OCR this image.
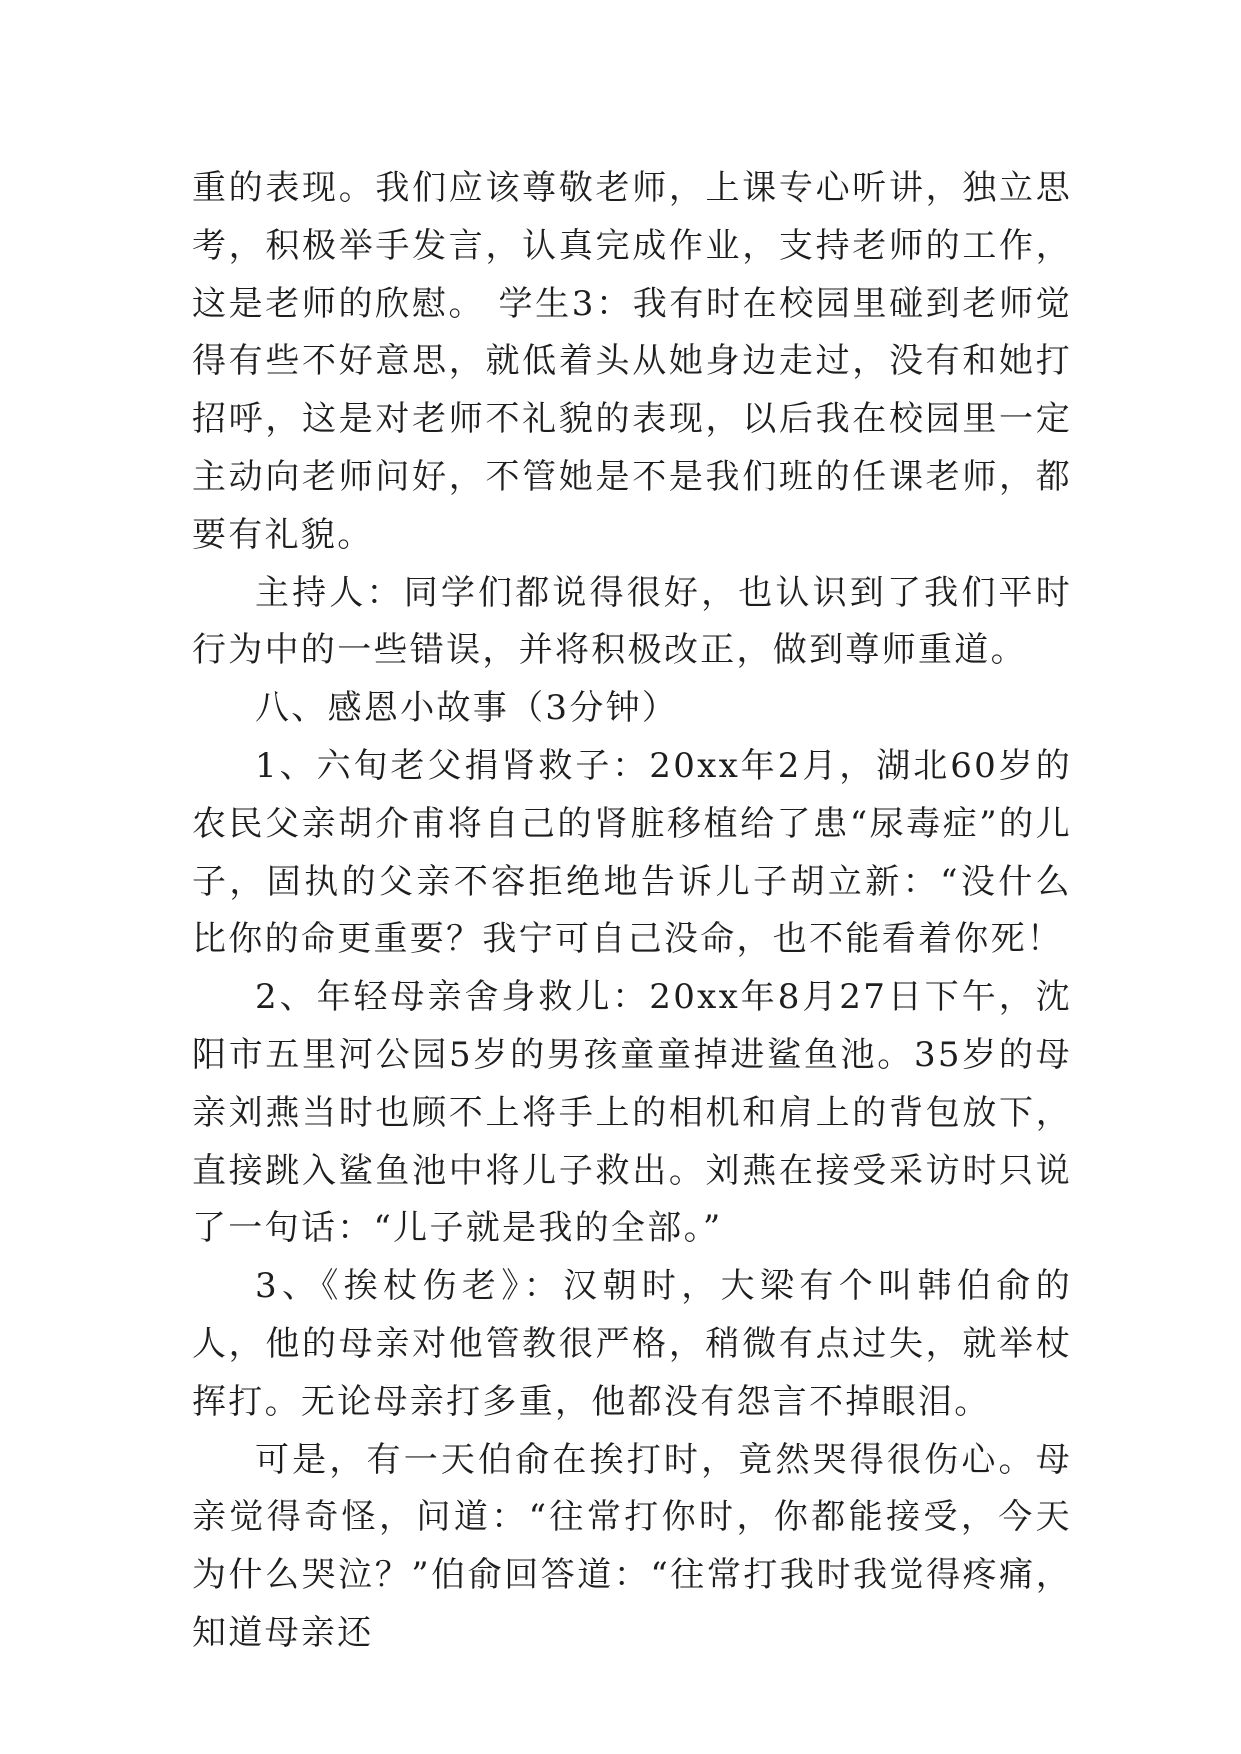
重的表现。我们应该尊敬老师，上课专心听讲，独立思考，积极举手发言，认真完成作业，支持老师的工作，这是老师的欣慰。 学生3：我有时在校园里碰到老师觉得有些不好意思，就低着头从她身边走过，没有和她打招呼，这是对老师不礼貌的表现，以后我在校园里一定主动向老师问好，不管她是不是我们班的任课老师，都要有礼貌。

主持人：同学们都说得很好，也认识到了我们平时行为中的一些错误，并将积极改正，做到尊师重道。

八、感恩小故事（3分钟）

1、六旬老父捐肾救子：20xx年2月，湖北60岁的农民父亲胡介甫将自己的肾脏移植给了患“尿毒症”的儿子，固执的父亲不容拒绝地告诉儿子胡立新：“没什么比你的命更重要？我宁可自己没命，也不能看着你死！

2、年轻母亲舍身救儿：20xx年8月27日下午，沈阳市五里河公园5岁的男孩童童掉进鲨鱼池。35岁的母亲刘燕当时也顾不上将手上的相机和肩上的背包放下，直接跳入鲨鱼池中将儿子救出。刘燕在接受采访时只说了一句话：“儿子就是我的全部。”

3、《挨杖伤老》：汉朝时，大梁有个叫韩伯俞的人，他的母亲对他管教很严格，稍微有点过失，就举杖挥打。无论母亲打多重，他都没有怨言不掉眼泪。

可是，有一天伯俞在挨打时，竟然哭得很伤心。母亲觉得奇怪，问道：“往常打你时，你都能接受，今天为什么哭泣？”伯俞回答道：“往常打我时我觉得疼痛，知道母亲还
